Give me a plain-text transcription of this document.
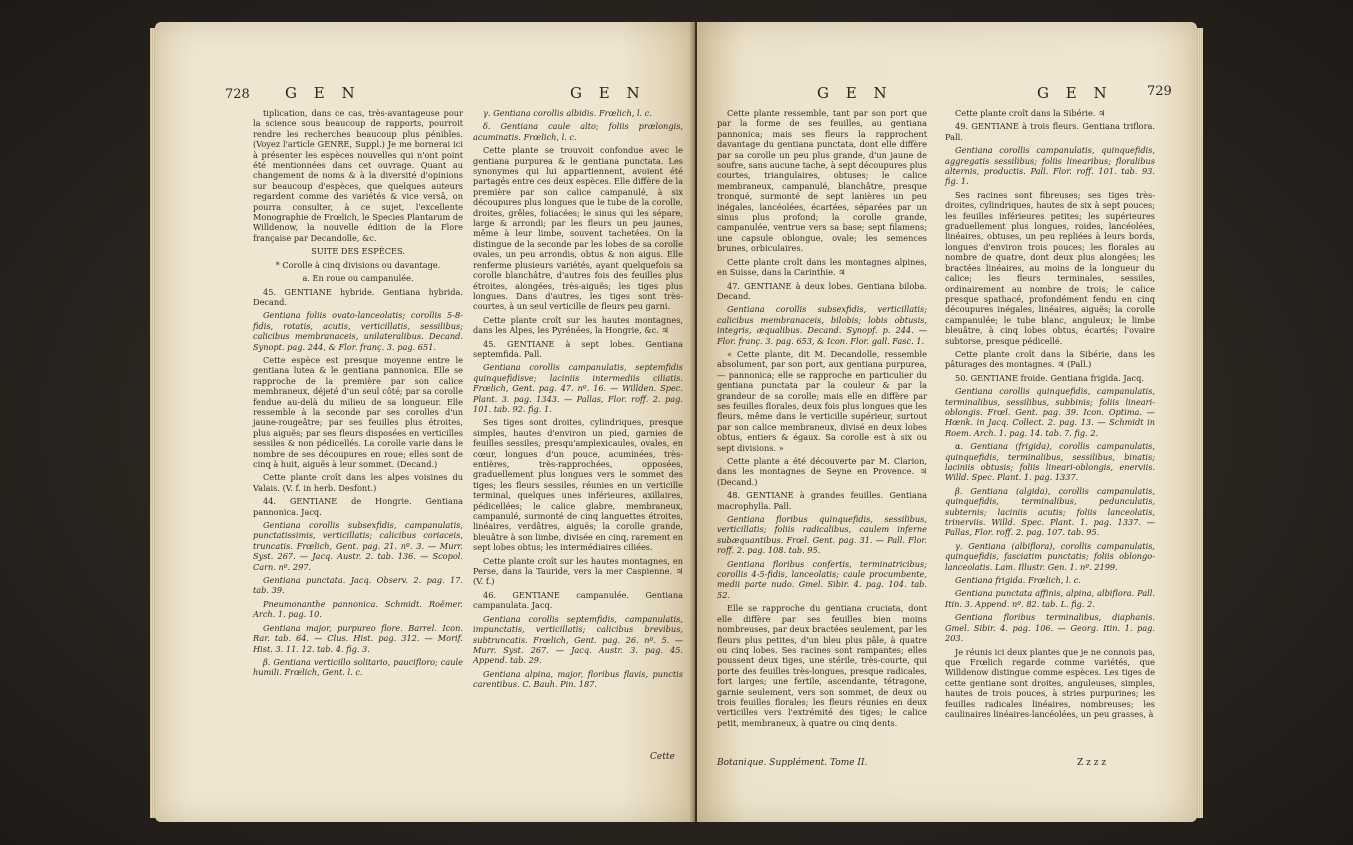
728 G E N	G E N

tiplication, dans ce cas, très-avantageuse pour la science sous beaucoup de rapports, pourroit rendre les recherches beaucoup plus pénibles. (Voyez l'article GENRE, Suppl.) Je me bornerai ici à présenter les espèces nouvelles qui n'ont point été mentionnées dans cet ouvrage. Quant au changement de noms & à la diversité d'opinions sur beaucoup d'espèces, que quelques auteurs regardent comme des variétés & vice versâ, on pourra consulter, à ce sujet, l'excellente Monographie de Frœlich, le Species Plantarum de Willdenow, la nouvelle édition de la Flore française par Decandolle, &c.

SUITE DES ESPÈCES.

* Corolle à cinq divisions ou davantage.

a. En roue ou campanulée.

45. GENTIANE hybride. Gentiana hybrida. Decand.

Gentiana foliis ovato-lanceolatis; corollis 5-8-fidis, rotatis, acutis, verticillatis, sessilibus; calicibus membranaceis, unilateralibus. Decand. Synopt. pag. 244, & Flor. franç. 3. pag. 651.

Cette espèce est presque moyenne entre le gentiana lutea & le gentiana pannonica. Elle se rapproche de la première par son calice membraneux, déjeté d'un seul côté; par sa corolle fendue au-delà du milieu de sa longueur. Elle ressemble à la seconde par ses corolles d'un jaune-rougeâtre; par ses feuilles plus étroites, plus aiguës; par ses fleurs disposées en verticilles sessiles & non pédicellés. La corolle varie dans le nombre de ses découpures en roue; elles sont de cinq à huit, aiguës à leur sommet. (Decand.)

Cette plante croît dans les alpes voisines du Valais. (V. f. in herb. Desfont.)

44. GENTIANE de Hongrie. Gentiana pannonica. Jacq.

Gentiana corollis subsexfidis, campanulatis, punctatissimis, verticillatis; calicibus coriaceis, truncatis. Frœlich, Gent. pag. 21. nº. 3. — Murr. Syst. 267. — Jacq. Austr. 2. tab. 136. — Scopol. Carn. nº. 297.

Gentiana punctata. Jacq. Observ. 2. pag. 17. tab. 39.

Pneumonanthe pannonica. Schmidt. Roëmer. Arch. 1. pag. 10.

Gentiana major, purpureo flore. Barrel. Icon. Rar. tab. 64. — Clus. Hist. pag. 312. — Morif. Hist. 3. 11. 12. tab. 4. fig. 3.

β. Gentiana verticillo solitario, paucifloro; caule humili. Frœlich, Gent. l. c.

γ. Gentiana corollis albidis. Frœlich, l. c.

δ. Gentiana caule alto; foliis prælongis, acuminatis. Frœlich, l. c.

Cette plante se trouvoit confondue avec le gentiana purpurea & le gentiana punctata. Les synonymes qui lui appartiennent, avoient été partagés entre ces deux espèces. Elle diffère de la première par son calice campanulé, à six découpures plus longues que le tube de la corolle, droites, grêles, foliacées; le sinus qui les sépare, large & arrondi; par les fleurs un peu jaunes, même à leur limbe, souvent tachetées. On la distingue de la seconde par les lobes de sa corolle ovales, un peu arrondis, obtus & non aigus. Elle renferme plusieurs variétés, ayant quelquefois sa corolle blanchâtre, d'autres fois des feuilles plus étroites, alongées, très-aiguës; les tiges plus longues. Dans d'autres, les tiges sont très-courtes, à un seul verticille de fleurs peu garni.

Cette plante croît sur les hautes montagnes, dans les Alpes, les Pyrénées, la Hongrie, &c. ♃

45. GENTIANE à sept lobes. Gentiana septemfida. Pall.

Gentiana corollis campanulatis, septemfidis quinquefidisve; laciniis intermediis ciliatis. Frœlich, Gent. pag. 47. nº. 16. — Willden. Spec. Plant. 3. pag. 1343. — Pallas, Flor. roff. 2. pag. 101. tab. 92. fig. 1.

Ses tiges sont droites, cylindriques, presque simples, hautes d'environ un pied, garnies de feuilles sessiles, presqu'amplexicaules, ovales, en cœur, longues d'un pouce, acuminées, très-entières, très-rapprochées, opposées, graduellement plus longues vers le sommet des tiges; les fleurs sessiles, réunies en un verticille terminal, quelques unes inférieures, axillaires, pédicellées; le calice glabre, membraneux, campanulé, surmonté de cinq languettes étroites, linéaires, verdâtres, aiguës; la corolle grande, bleuâtre à son limbe, divisée en cinq, rarement en sept lobes obtus; les intermédiaires ciliées.

Cette plante croît sur les hautes montagnes, en Perse, dans la Tauride, vers la mer Caspienne. ♃ (V. f.)

46. GENTIANE campanulée. Gentiana campanulata. Jacq.

Gentiana corollis septemfidis, campanulatis, impunctatis, verticillatis; calicibus brevibus, subtruncatis. Frœlich, Gent. pag. 26. nº. 5. — Murr. Syst. 267. — Jacq. Austr. 3. pag. 45. Append. tab. 29.

Gentiana alpina, major, floribus flavis, punctis carentibus. C. Bauh. Pin. 187.

Cette
G E N	G E N	729

Cette plante ressemble, tant par son port que par la forme de ses feuilles, au gentiana pannonica; mais ses fleurs la rapprochent davantage du gentiana punctata, dont elle diffère par sa corolle un peu plus grande, d'un jaune de soufre, sans aucune tache, à sept découpures plus courtes, triangulaires, obtuses; le calice membraneux, campanulé, blanchâtre, presque tronqué, surmonté de sept lanières un peu inégales, lancéolées, écartées, séparées par un sinus plus profond; la corolle grande, campanulée, ventrue vers sa base; sept filamens; une capsule oblongue, ovale; les semences brunes, orbiculaires.

Cette plante croît dans les montagnes alpines, en Suisse, dans la Carinthie. ♃

47. GENTIANE à deux lobes. Gentiana biloba. Decand.

Gentiana corollis subsexfidis, verticillatis; calicibus membranaceis, bilobis; lobis obtusis, integris, æqualibus. Decand. Synopf. p. 244. — Flor. franç. 3. pag. 653, & Icon. Flor. gall. Fasc. 1.

« Cette plante, dit M. Decandolle, ressemble absolument, par son port, aux gentiana purpurea, — pannonica; elle se rapproche en particulier du gentiana punctata par la couleur & par la grandeur de sa corolle; mais elle en diffère par ses feuilles florales, deux fois plus longues que les fleurs, même dans le verticille supérieur, surtout par son calice membraneux, divisé en deux lobes obtus, entiers & égaux. Sa corolle est à six ou sept divisions. »

Cette plante a été découverte par M. Clarion, dans les montagnes de Seyne en Provence. ♃ (Decand.)

48. GENTIANE à grandes feuilles. Gentiana macrophylla. Pall.

Gentiana floribus quinquefidis, sessilibus, verticillatis; foliis radicalibus, caulem inferne subæquantibus. Frœl. Gent. pag. 31. — Pall. Flor. roff. 2. pag. 108. tab. 95.

Gentiana floribus confertis, terminatricibus; corollis 4-5-fidis, lanceolatis; caule procumbente, medii parte nudo. Gmel. Sibir. 4. pag. 104. tab. 52.

Elle se rapproche du gentiana cruciata, dont elle diffère par ses feuilles bien moins nombreuses, par deux bractées seulement, par les fleurs plus petites, d'un bleu plus pâle, à quatre ou cinq lobes. Ses racines sont rampantes; elles poussent deux tiges, une stérile, très-courte, qui porte des feuilles très-longues, presque radicales, fort larges; une fertile, ascendante, tétragone, garnie seulement, vers son sommet, de deux ou trois feuilles florales; les fleurs réunies en deux verticilles vers l'extrémité des tiges; le calice petit, membraneux, à quatre ou cinq dents.

Cette plante croît dans la Sibérie. ♃

49. GENTIANE à trois fleurs. Gentiana triflora. Pall.

Gentiana corollis campanulatis, quinquefidis, aggregatis sessilibus; foliis linearibus; floralibus alternis, productis. Pall. Flor. roff. 101. tab. 93. fig. 1.

Ses racines sont fibreuses; ses tiges très-droites, cylindriques, hautes de six à sept pouces; les feuilles inférieures petites; les supérieures graduellement plus longues, roides, lancéolées, linéaires, obtuses, un peu repliées à leurs bords, longues d'environ trois pouces; les florales au nombre de quatre, dont deux plus alongées; les bractées linéaires, au moins de la longueur du calice; les fleurs terminales, sessiles, ordinairement au nombre de trois; le calice presque spathacé, profondément fendu en cinq découpures inégales, linéaires, aiguës; la corolle campanulée; le tube blanc, anguleux; le limbe bleuâtre, à cinq lobes obtus, écartés; l'ovaire subtorse, presque pédicellé.

Cette plante croît dans la Sibérie, dans les pâturages des montagnes. ♃ (Pall.)

50. GENTIANE froide. Gentiana frigida. Jacq.

Gentiana corollis quinquefidis, campanulatis, terminalibus, sessilibus, subbinis; foliis lineari-oblongis. Frœl. Gent. pag. 39. Icon. Optima. — Hœnk. in Jacq. Collect. 2. pag. 13. — Schmidt in Roem. Arch. 1. pag. 14. tab. 7. fig. 2.

α. Gentiana (frigida), corollis campanulatis, quinquefidis, terminalibus, sessilibus, binatis; laciniis obtusis; foliis lineari-oblongis, enerviis. Willd. Spec. Plant. 1. pag. 1337.

β. Gentiana (algida), corollis campanulatis, quinquefidis, terminalibus, pedunculatis, subternis; laciniis acutis; foliis lanceolatis, trinerviis. Willd. Spec. Plant. 1. pag. 1337. — Pallas, Flor. roff. 2. pag. 107. tab. 95.

γ. Gentiana (albiflora), corollis campanulatis, quinquefidis, fasciatim punctatis; foliis oblongo-lanceolatis. Lam. Illustr. Gen. 1. nº. 2199.

Gentiana frigida. Frœlich, l. c.

Gentiana punctata affinis, alpina, albiflora. Pall. Itin. 3. Append. nº. 82. tab. L. fig. 2.

Gentiana floribus terminalibus, diaphanis. Gmel. Sibir. 4. pag. 106. — Georg. Itin. 1. pag. 203.

Je réunis ici deux plantes que je ne connois pas, que Frœlich regarde comme variétés, que Willdenow distingue comme espèces. Les tiges de cette gentiane sont droites, anguleuses, simples, hautes de trois pouces, à stries purpurines; les feuilles radicales linéaires, nombreuses; les caulinaires linéaires-lancéolées, un peu grasses, à

Botanique. Supplément. Tome II.	Z z z z
